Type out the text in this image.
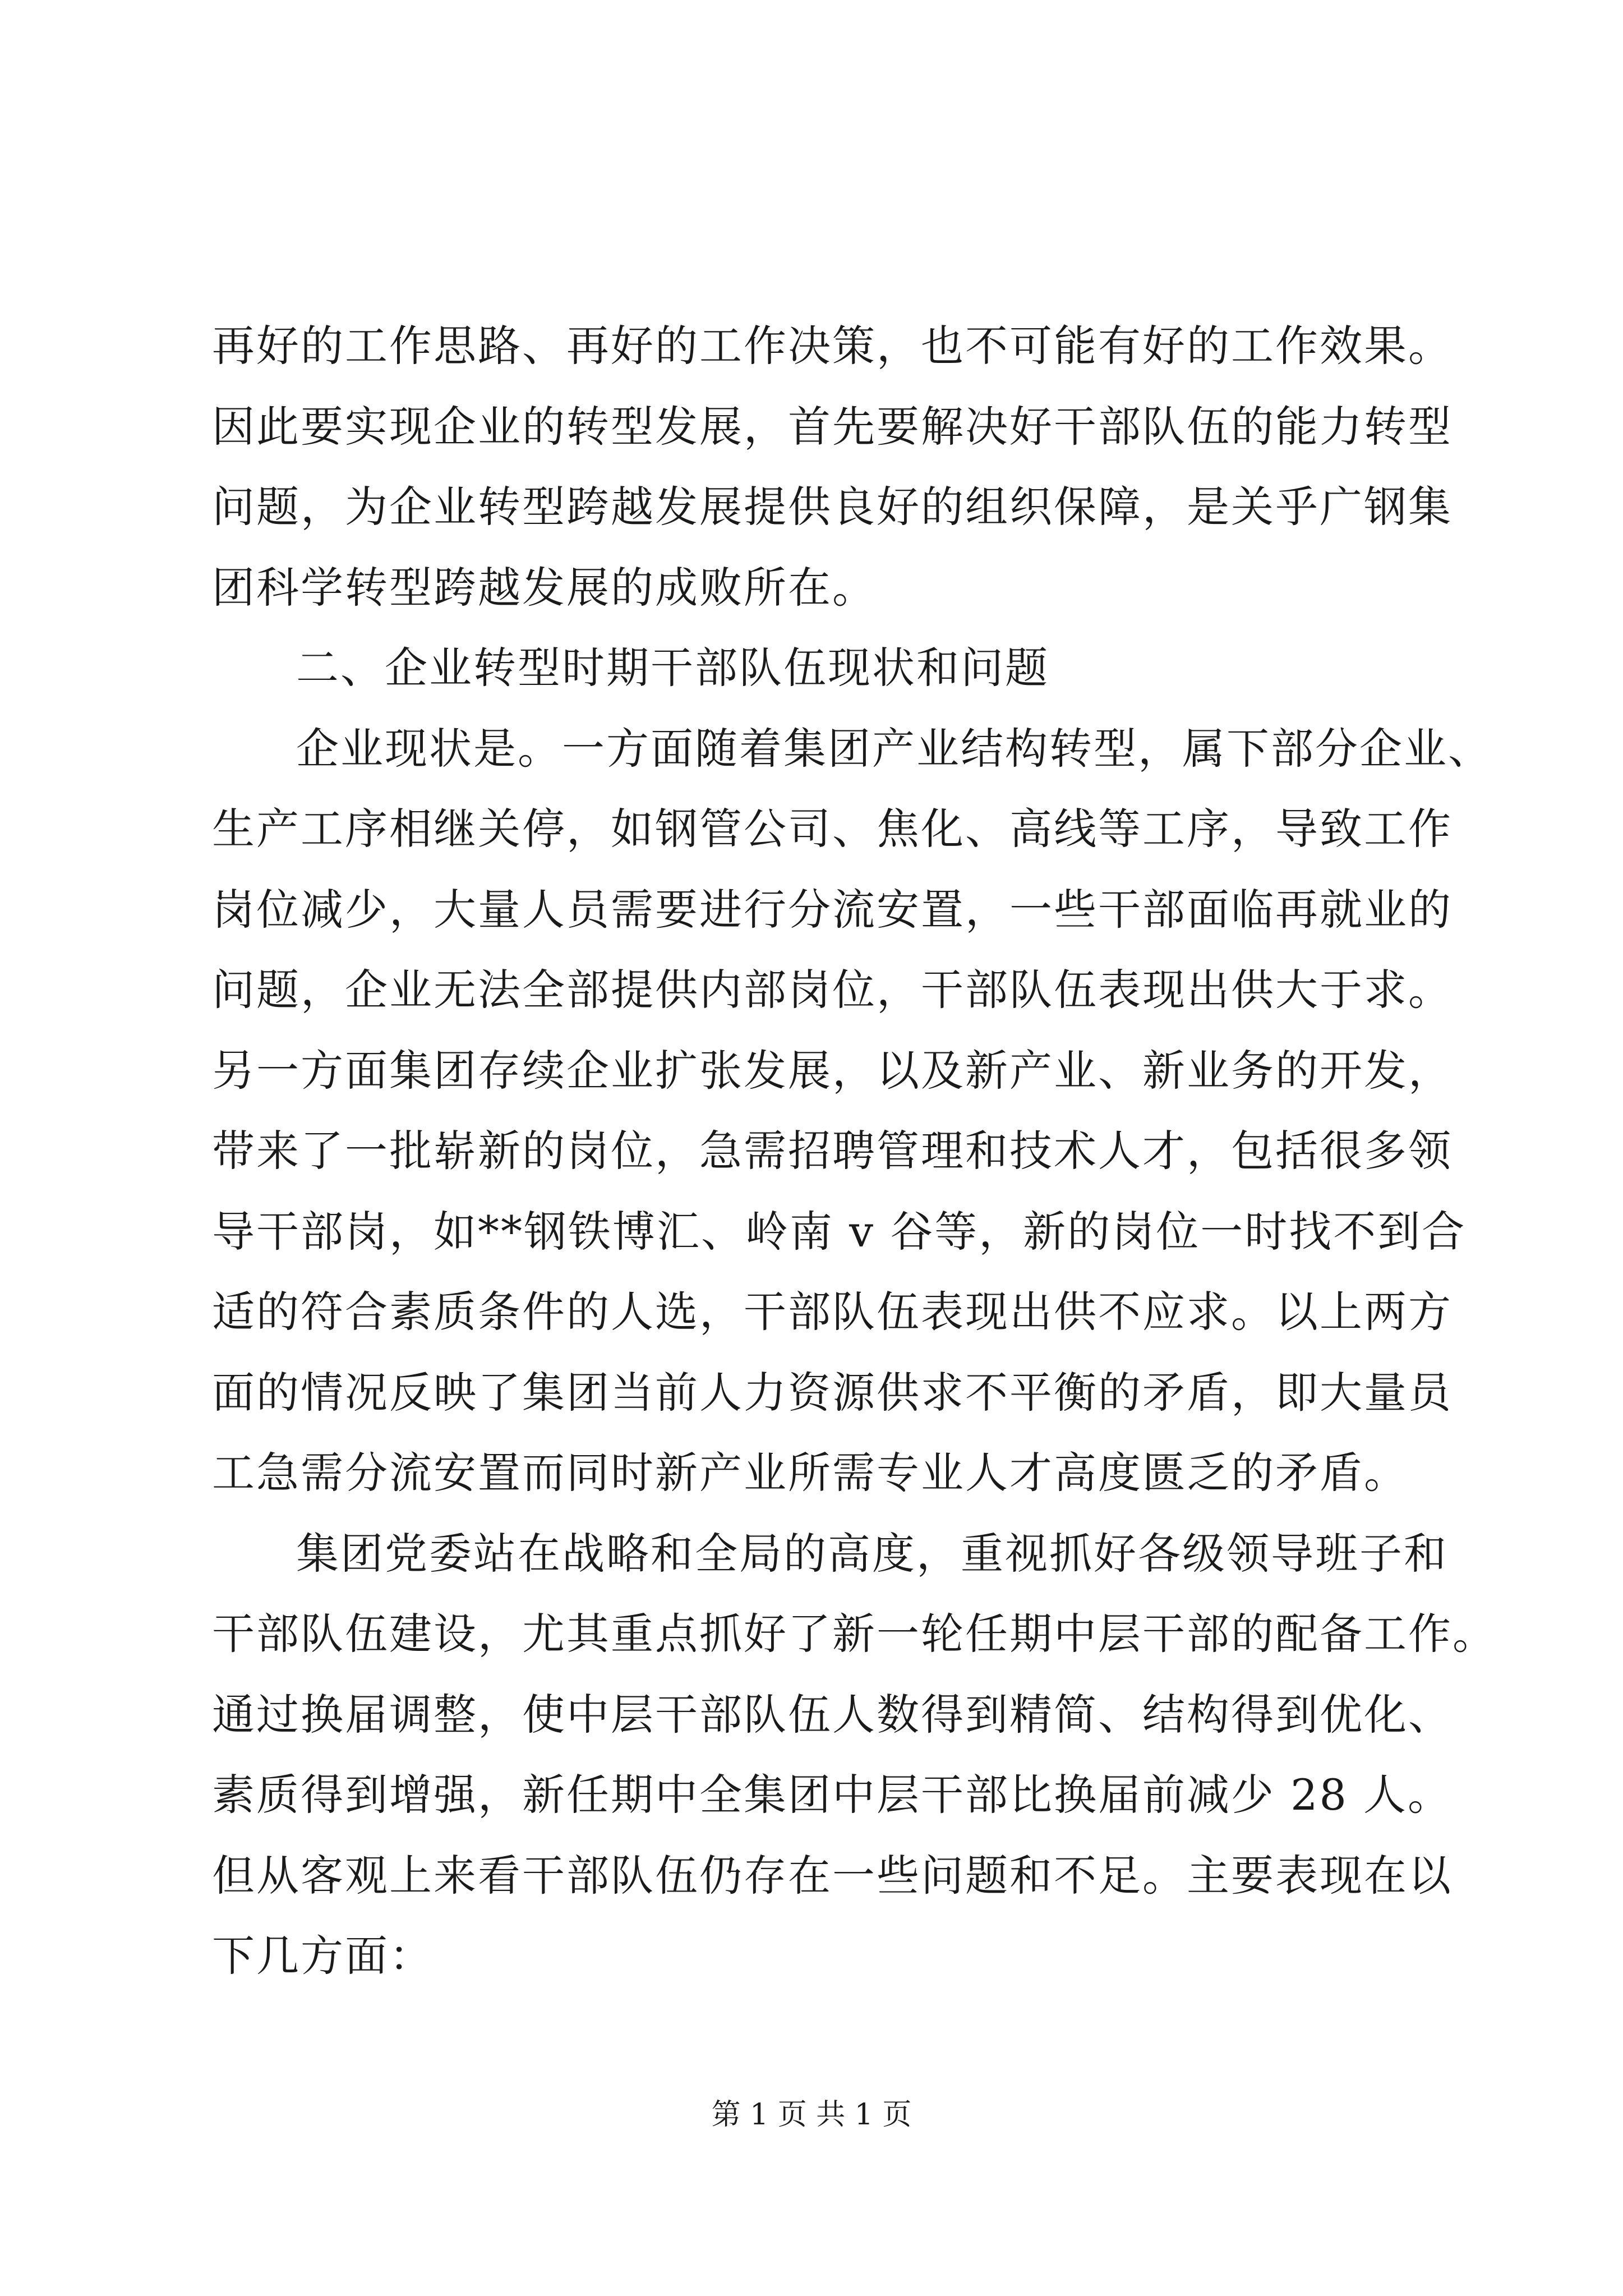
再好的工作思路、再好的工作决策，也不可能有好的工作效果。
因此要实现企业的转型发展，首先要解决好干部队伍的能力转型
问题，为企业转型跨越发展提供良好的组织保障，是关乎广钢集
团科学转型跨越发展的成败所在。
二、企业转型时期干部队伍现状和问题
企业现状是。一方面随着集团产业结构转型，属下部分企业、
生产工序相继关停，如钢管公司、焦化、高线等工序，导致工作
岗位减少，大量人员需要进行分流安置，一些干部面临再就业的
问题，企业无法全部提供内部岗位，干部队伍表现出供大于求。
另一方面集团存续企业扩张发展，以及新产业、新业务的开发，
带来了一批崭新的岗位，急需招聘管理和技术人才，包括很多领
导干部岗，如**钢铁博汇、岭南 v 谷等，新的岗位一时找不到合
适的符合素质条件的人选，干部队伍表现出供不应求。以上两方
面的情况反映了集团当前人力资源供求不平衡的矛盾，即大量员
工急需分流安置而同时新产业所需专业人才高度匮乏的矛盾。
集团党委站在战略和全局的高度，重视抓好各级领导班子和
干部队伍建设，尤其重点抓好了新一轮任期中层干部的配备工作。
通过换届调整，使中层干部队伍人数得到精简、结构得到优化、
素质得到增强，新任期中全集团中层干部比换届前减少 28 人。
但从客观上来看干部队伍仍存在一些问题和不足。主要表现在以
下几方面：
第 1 页 共 1 页
